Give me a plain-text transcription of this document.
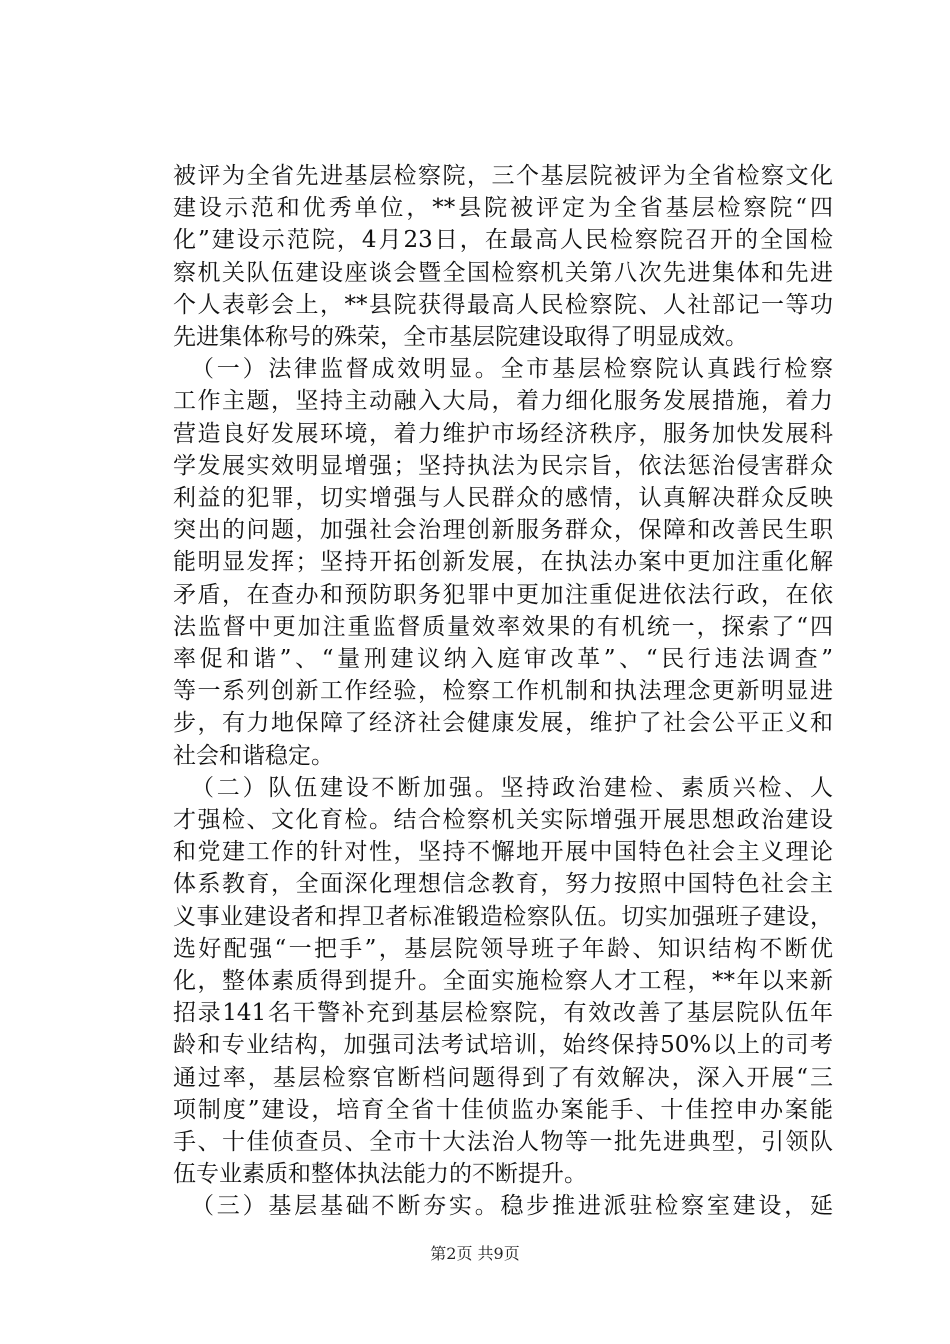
被评为全省先进基层检察院，三个基层院被评为全省检察文化
建设示范和优秀单位，**县院被评定为全省基层检察院“四
化”建设示范院，4月23日，在最高人民检察院召开的全国检
察机关队伍建设座谈会暨全国检察机关第八次先进集体和先进
个人表彰会上，**县院获得最高人民检察院、人社部记一等功
先进集体称号的殊荣，全市基层院建设取得了明显成效。
（一）法律监督成效明显。全市基层检察院认真践行检察
工作主题，坚持主动融入大局，着力细化服务发展措施，着力
营造良好发展环境，着力维护市场经济秩序，服务加快发展科
学发展实效明显增强；坚持执法为民宗旨，依法惩治侵害群众
利益的犯罪，切实增强与人民群众的感情，认真解决群众反映
突出的问题，加强社会治理创新服务群众，保障和改善民生职
能明显发挥；坚持开拓创新发展，在执法办案中更加注重化解
矛盾，在查办和预防职务犯罪中更加注重促进依法行政，在依
法监督中更加注重监督质量效率效果的有机统一，探索了“四
率促和谐”、“量刑建议纳入庭审改革”、“民行违法调查”
等一系列创新工作经验，检察工作机制和执法理念更新明显进
步，有力地保障了经济社会健康发展，维护了社会公平正义和
社会和谐稳定。
（二）队伍建设不断加强。坚持政治建检、素质兴检、人
才强检、文化育检。结合检察机关实际增强开展思想政治建设
和党建工作的针对性，坚持不懈地开展中国特色社会主义理论
体系教育，全面深化理想信念教育，努力按照中国特色社会主
义事业建设者和捍卫者标准锻造检察队伍。切实加强班子建设，
选好配强“一把手”，基层院领导班子年龄、知识结构不断优
化，整体素质得到提升。全面实施检察人才工程，**年以来新
招录141名干警补充到基层检察院，有效改善了基层院队伍年
龄和专业结构，加强司法考试培训，始终保持50%以上的司考
通过率，基层检察官断档问题得到了有效解决，深入开展“三
项制度”建设，培育全省十佳侦监办案能手、十佳控申办案能
手、十佳侦查员、全市十大法治人物等一批先进典型，引领队
伍专业素质和整体执法能力的不断提升。
（三）基层基础不断夯实。稳步推进派驻检察室建设，延
第2页 共9页
